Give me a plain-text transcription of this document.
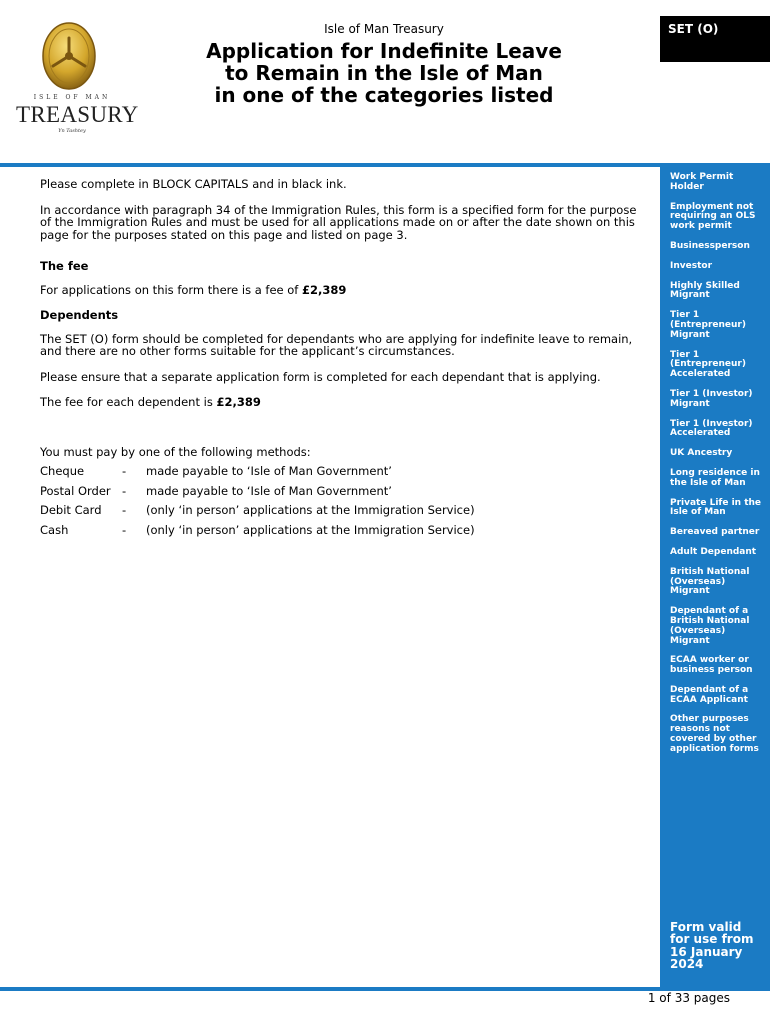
ISLE OF MAN
TREASURY
Yn Tashtey
Isle of Man Treasury
Application for Indefinite Leave
to Remain in the Isle of Man
in one of the categories listed
SET (O)
Work Permit Holder
Employment not requiring an OLS work permit
Businessperson
Investor
Highly Skilled Migrant
Tier 1 (Entrepreneur) Migrant
Tier 1 (Entrepreneur) Accelerated
Tier 1 (Investor) Migrant
Tier 1 (Investor) Accelerated
UK Ancestry
Long residence in the Isle of Man
Private Life in the Isle of Man
Bereaved partner
Adult Dependant
British National (Overseas) Migrant
Dependant of a British National (Overseas) Migrant
ECAA worker or business person
Dependant of a ECAA Applicant
Other purposes reasons not covered by other application forms
Form valid for use from 16 January 2024

Please complete in BLOCK CAPITALS and in black ink.

In accordance with paragraph 34 of the Immigration Rules, this form is a specified form for the purpose of the Immigration Rules and must be used for all applications made on or after the date shown on this page for the purposes stated on this page and listed on page 3.

The fee

For applications on this form there is a fee of £2,389

Dependents

The SET (O) form should be completed for dependants who are applying for indefinite leave to remain, and there are no other forms suitable for the applicant’s circumstances.

Please ensure that a separate application form is completed for each dependant that is applying.

The fee for each dependent is £2,389

You must pay by one of the following methods:

Cheque	-	made payable to ‘Isle of Man Government’
Postal Order -	made payable to ‘Isle of Man Government’
Debit Card	-	(only ‘in person’ applications at the Immigration Service)
Cash	-	(only ‘in person’ applications at the Immigration Service)
1 of 33 pages
